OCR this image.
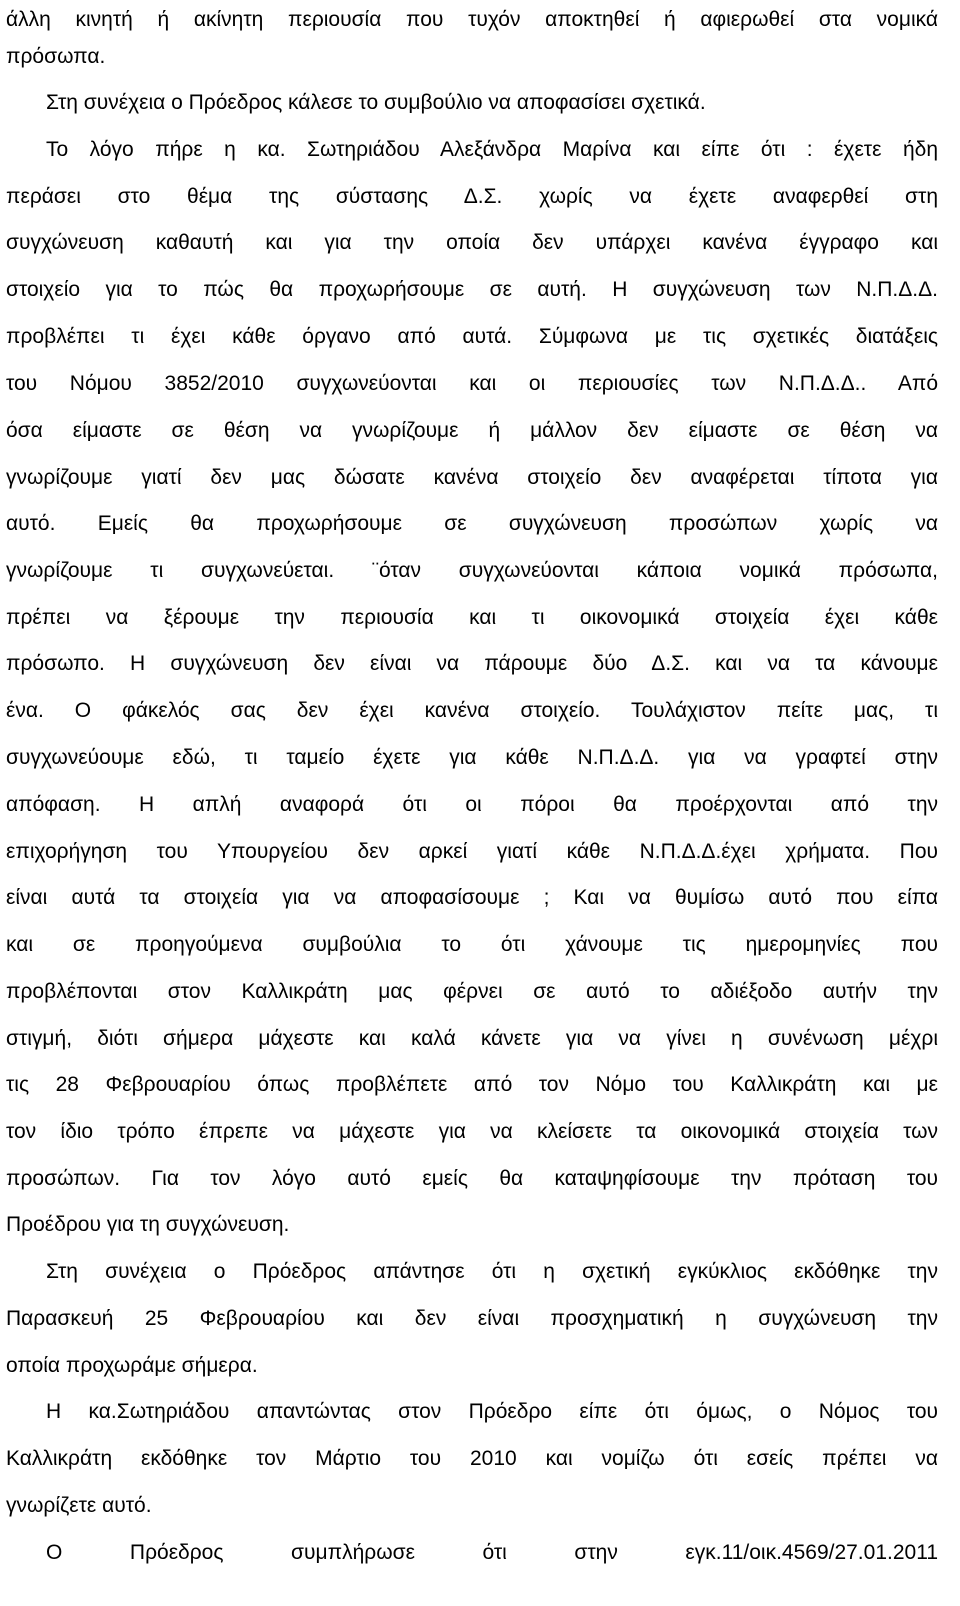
άλλη κινητή ή ακίνητη περιουσία που τυχόν αποκτηθεί ή αφιερωθεί στα νομικά
πρόσωπα.
Στη συνέχεια ο Πρόεδρος κάλεσε το συμβούλιο να αποφασίσει σχετικά.
Το λόγο πήρε η κα. Σωτηριάδου Αλεξάνδρα Μαρίνα και είπε ότι : έχετε ήδη
περάσει στο θέμα της σύστασης Δ.Σ. χωρίς να έχετε αναφερθεί στη
συγχώνευση καθαυτή και για την οποία δεν υπάρχει κανένα έγγραφο και
στοιχείο για το πώς θα προχωρήσουμε σε αυτή. Η συγχώνευση των Ν.Π.Δ.Δ.
προβλέπει τι έχει κάθε όργανο από αυτά. Σύμφωνα με τις σχετικές διατάξεις
του Νόμου 3852/2010 συγχωνεύονται και οι περιουσίες των Ν.Π.Δ.Δ.. Από
όσα είμαστε σε θέση να γνωρίζουμε ή μάλλον δεν είμαστε σε θέση να
γνωρίζουμε γιατί δεν μας δώσατε κανένα στοιχείο δεν αναφέρεται τίποτα για
αυτό. Εμείς θα προχωρήσουμε σε συγχώνευση προσώπων χωρίς να
γνωρίζουμε τι συγχωνεύεται. ¨όταν συγχωνεύονται κάποια νομικά πρόσωπα,
πρέπει να ξέρουμε την περιουσία και τι οικονομικά στοιχεία έχει κάθε
πρόσωπο. Η συγχώνευση δεν είναι να πάρουμε δύο Δ.Σ. και να τα κάνουμε
ένα. Ο φάκελός σας δεν έχει κανένα στοιχείο. Τουλάχιστον πείτε μας, τι
συγχωνεύουμε εδώ, τι ταμείο έχετε για κάθε Ν.Π.Δ.Δ. για να γραφτεί στην
απόφαση. Η απλή αναφορά ότι οι πόροι θα προέρχονται από την
επιχορήγηση του Υπουργείου δεν αρκεί γιατί κάθε Ν.Π.Δ.Δ.έχει χρήματα. Που
είναι αυτά τα στοιχεία για να αποφασίσουμε ; Και να θυμίσω αυτό που είπα
και σε προηγούμενα συμβούλια το ότι χάνουμε τις ημερομηνίες που
προβλέπονται στον Καλλικράτη μας φέρνει σε αυτό το αδιέξοδο αυτήν την
στιγμή, διότι σήμερα μάχεστε και καλά κάνετε για να γίνει η συνένωση μέχρι
τις 28 Φεβρουαρίου όπως προβλέπετε από τον Νόμο του Καλλικράτη και με
τον ίδιο τρόπο έπρεπε να μάχεστε για να κλείσετε τα οικονομικά στοιχεία των
προσώπων. Για τον λόγο αυτό εμείς θα καταψηφίσουμε την πρόταση του
Προέδρου για τη συγχώνευση.
Στη συνέχεια ο Πρόεδρος απάντησε ότι η σχετική εγκύκλιος εκδόθηκε την
Παρασκευή 25 Φεβρουαρίου και δεν είναι προσχηματική η συγχώνευση την
οποία προχωράμε σήμερα.
Η κα.Σωτηριάδου απαντώντας στον Πρόεδρο είπε ότι όμως, ο Νόμος του
Καλλικράτη εκδόθηκε τον Μάρτιο του 2010 και νομίζω ότι εσείς πρέπει να
γνωρίζετε αυτό.
Ο Πρόεδρος συμπλήρωσε ότι στην εγκ.11/οικ.4569/27.01.2011
